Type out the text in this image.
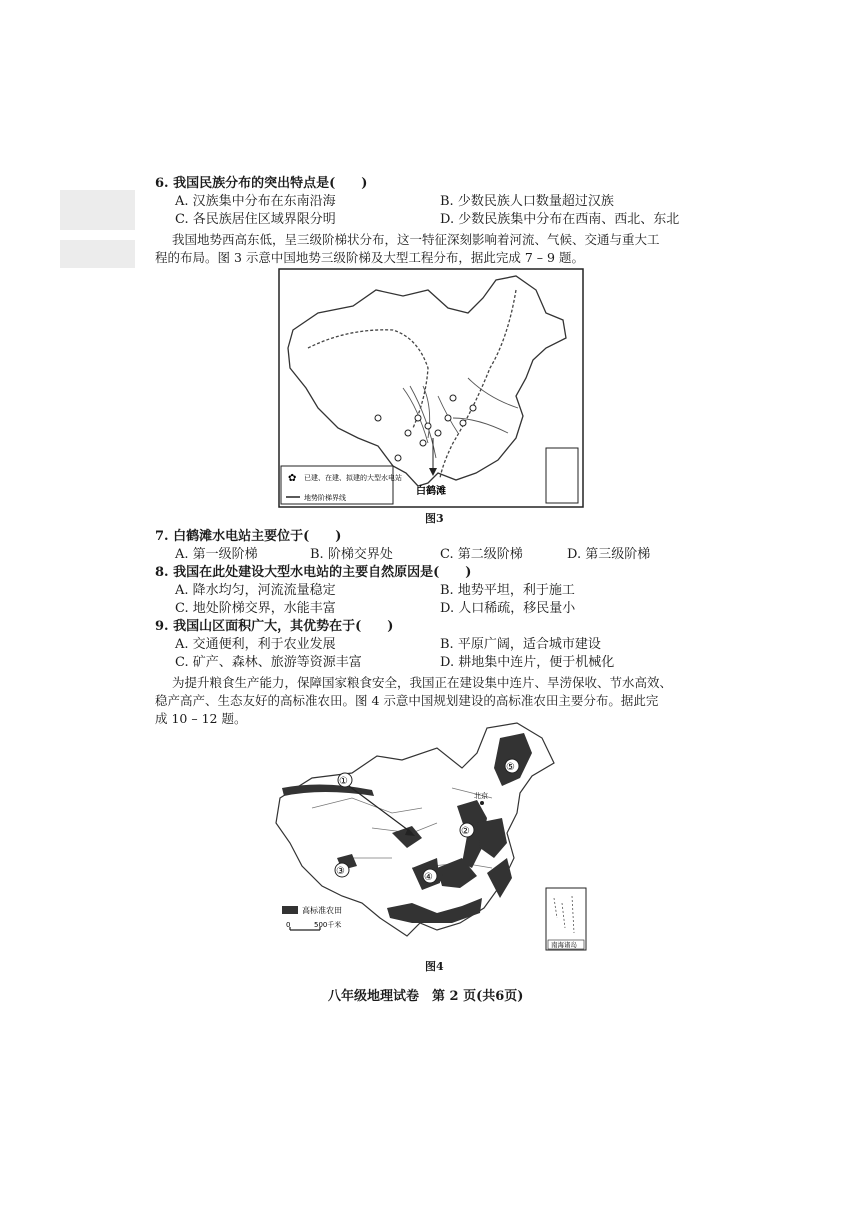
6. 我国民族分布的突出特点是(　　)
A. 汉族集中分布在东南沿海	B. 少数民族人口数量超过汉族
C. 各民族居住区域界限分明	D. 少数民族集中分布在西南、西北、东北
我国地势西高东低，呈三级阶梯状分布，这一特征深刻影响着河流、气候、交通与重大工
程的布局。图 3 示意中国地势三级阶梯及大型工程分布，据此完成 7 – 9 题。
✿ 已建、在建、拟建的大型水电站
地势阶梯界线
白鹤滩
图3
7. 白鹤滩水电站主要位于(　　)
A. 第一级阶梯	B. 阶梯交界处	C. 第二级阶梯	D. 第三级阶梯
8. 我国在此处建设大型水电站的主要自然原因是(　　)
A. 降水均匀，河流流量稳定	B. 地势平坦，利于施工
C. 地处阶梯交界，水能丰富	D. 人口稀疏，移民量小
9. 我国山区面积广大，其优势在于(　　)
A. 交通便利，利于农业发展	B. 平原广阔，适合城市建设
C. 矿产、森林、旅游等资源丰富	D. 耕地集中连片，便于机械化
为提升粮食生产能力，保障国家粮食安全，我国正在建设集中连片、旱涝保收、节水高效、
稳产高产、生态友好的高标准农田。图 4 示意中国规划建设的高标准农田主要分布。据此完
成 10 – 12 题。
①
②
③
④
⑤
北京
高标准农田
0	500千米
南海诸岛
图4
八年级地理试卷　第 2 页(共6页)
